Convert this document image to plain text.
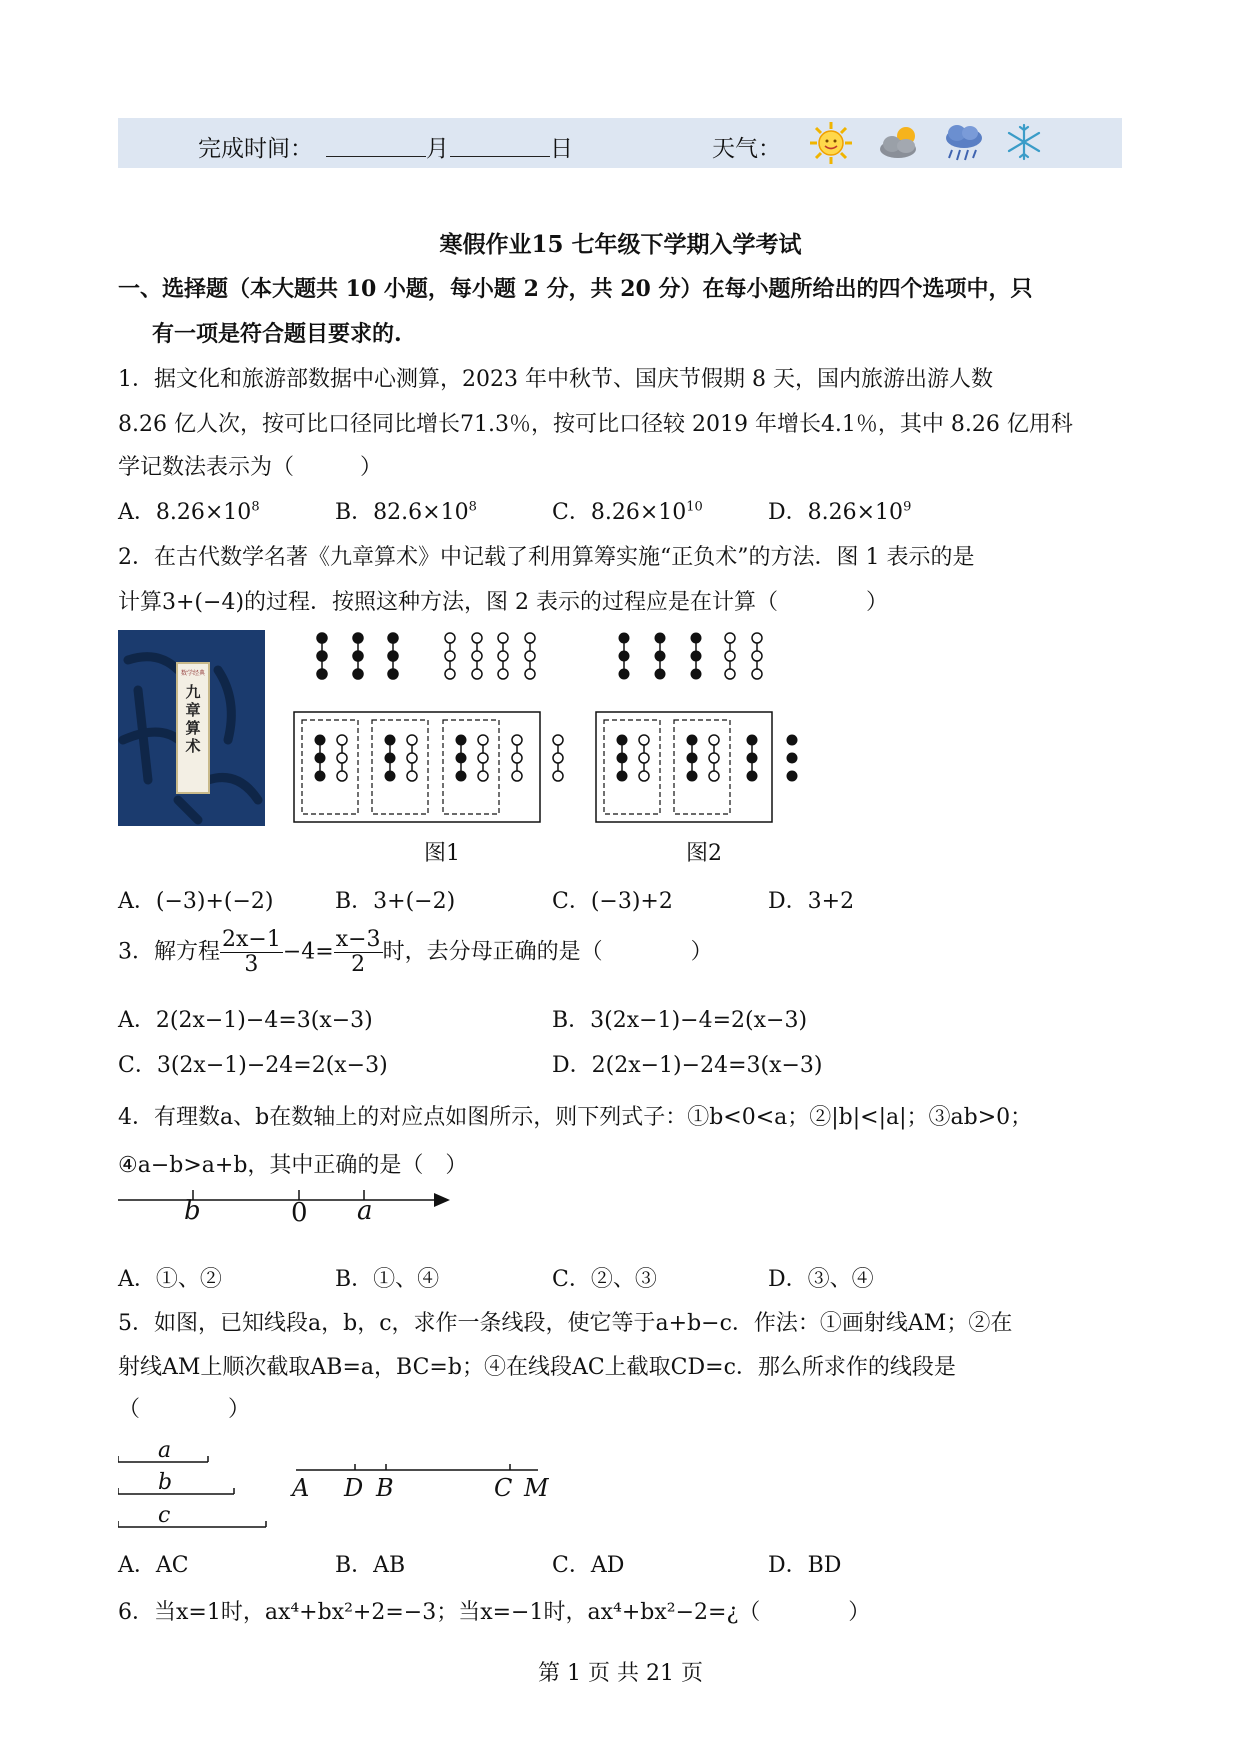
完成时间：	月	日	天气：
寒假作业15 七年级下学期入学考试
一、选择题（本大题共 10 小题，每小题 2 分，共 20 分）在每小题所给出的四个选项中，只
有一项是符合题目要求的.
1．据文化和旅游部数据中心测算，2023 年中秋节、国庆节假期 8 天，国内旅游出游人数
8.26 亿人次，按可比口径同比增长71.3％，按可比口径较 2019 年增长4.1％，其中 8.26 亿用科
学记数法表示为（　　　）
A．$8.26\times 10^8$	B．$82.6\times 10^8$	C．$8.26\times 10^{10}$	D．$8.26\times 10^9$
2．在古代数学名著《九章算术》中记载了利用算筹实施“正负术”的方法．图 1 表示的是
计算3+(−4)的过程．按照这种方法，图 2 表示的过程应是在计算（　　　　）
数学经典
九章算术
图1	图2
A．(−3)+(−2)	B．3+(−2)	C．(−3)+2	D．3+2
3．解方程 $\frac{2x-1}{3} -4= \frac{x-3}{2}$ 时，去分母正确的是（　　　　）
A．2(2x−1)−4=3(x−3)	B．3(2x−1)−4=2(x−3)
C．3(2x−1)−24=2(x−3)	D．2(2x−1)−24=3(x−3)
4．有理数a、b在数轴上的对应点如图所示，则下列式子：①b<0<a；②|b|<|a|；③ab>0；
④a−b>a+b，其中正确的是（　）
b	0 a
A．①、②	B．①、④	C．②、③	D．③、④
5．如图，已知线段a，b，c，求作一条线段，使它等于a+b−c．作法：①画射线AM；②在
射线AM上顺次截取AB=a，BC=b；④在线段AC上截取CD=c．那么所求作的线段是
（　　　　）
a
b
c
A D B	C M
A．AC	B．AB	C．AD	D．BD
6．当x=1时，ax⁴+bx²+2=−3；当x=−1时，ax⁴+bx²−2=¿（　　　　）
第 1 页 共 21 页
